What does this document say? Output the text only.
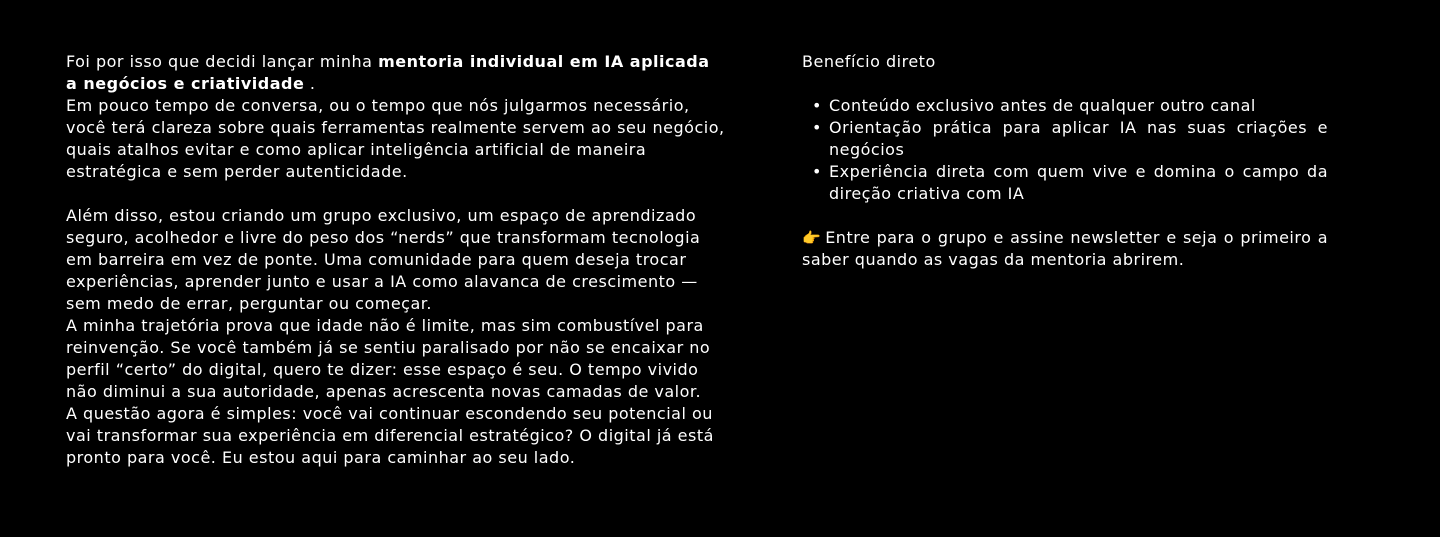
Foi por isso que decidi lançar minha mentoria individual em IA aplicada a negócios e criatividade .

Em pouco tempo de conversa, ou o tempo que nós julgarmos necessário, você terá clareza sobre quais ferramentas realmente servem ao seu negócio, quais atalhos evitar e como aplicar inteligência artificial de maneira estratégica e sem perder autenticidade.

Além disso, estou criando um grupo exclusivo, um espaço de aprendizado seguro, acolhedor e livre do peso dos “nerds” que transformam tecnologia em barreira em vez de ponte. Uma comunidade para quem deseja trocar experiências, aprender junto e usar a IA como alavanca de crescimento — sem medo de errar, perguntar ou começar.

A minha trajetória prova que idade não é limite, mas sim combustível para reinvenção. Se você também já se sentiu paralisado por não se encaixar no perfil “certo” do digital, quero te dizer: esse espaço é seu. O tempo vivido não diminui a sua autoridade, apenas acrescenta novas camadas de valor.

A questão agora é simples: você vai continuar escondendo seu potencial ou vai transformar sua experiência em diferencial estratégico? O digital já está pronto para você. Eu estou aqui para caminhar ao seu lado.

Benefício direto

• Conteúdo exclusivo antes de qualquer outro canal
• Orientação prática para aplicar IA nas suas criações e negócios
• Experiência direta com quem vive e domina o campo da direção criativa com IA

👉 Entre para o grupo e assine newsletter e seja o primeiro a saber quando as vagas da mentoria abrirem.
